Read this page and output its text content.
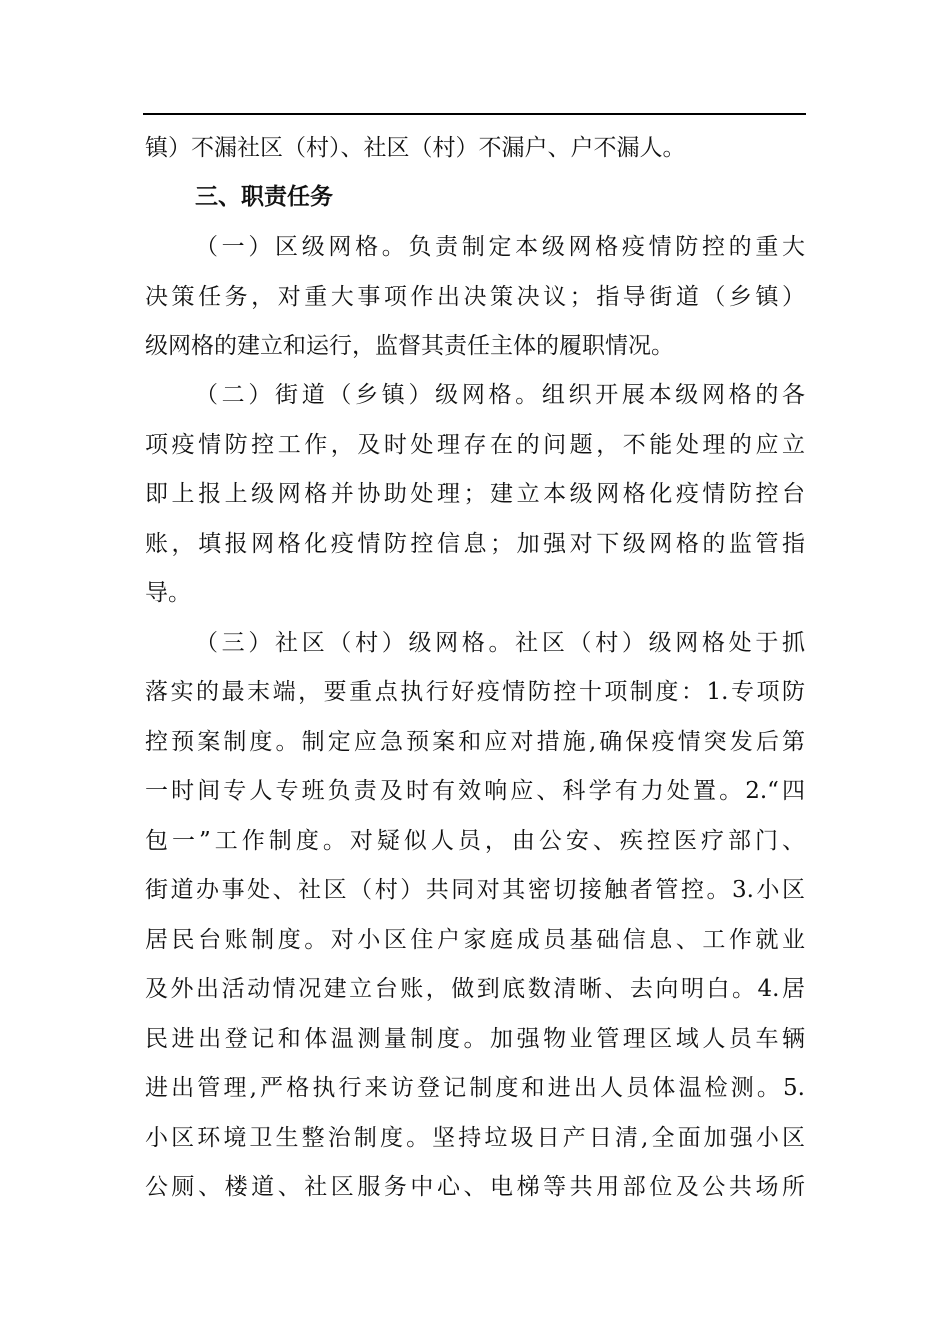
镇）不漏社区（村）、社区（村）不漏户、户不漏人。
三、职责任务
（一）区级网格。负责制定本级网格疫情防控的重大
决策任务，对重大事项作出决策决议；指导街道（乡镇）
级网格的建立和运行，监督其责任主体的履职情况。
（二）街道（乡镇）级网格。组织开展本级网格的各
项疫情防控工作，及时处理存在的问题，不能处理的应立
即上报上级网格并协助处理；建立本级网格化疫情防控台
账，填报网格化疫情防控信息；加强对下级网格的监管指
导。
（三）社区（村）级网格。社区（村）级网格处于抓
落实的最末端，要重点执行好疫情防控十项制度：1.专项防
控预案制度。制定应急预案和应对措施,确保疫情突发后第
一时间专人专班负责及时有效响应、科学有力处置。2.“四
包一”工作制度。对疑似人员，由公安、疾控医疗部门、
街道办事处、社区（村）共同对其密切接触者管控。3.小区
居民台账制度。对小区住户家庭成员基础信息、工作就业
及外出活动情况建立台账，做到底数清晰、去向明白。4.居
民进出登记和体温测量制度。加强物业管理区域人员车辆
进出管理,严格执行来访登记制度和进出人员体温检测。5.
小区环境卫生整治制度。坚持垃圾日产日清,全面加强小区
公厕、楼道、社区服务中心、电梯等共用部位及公共场所
